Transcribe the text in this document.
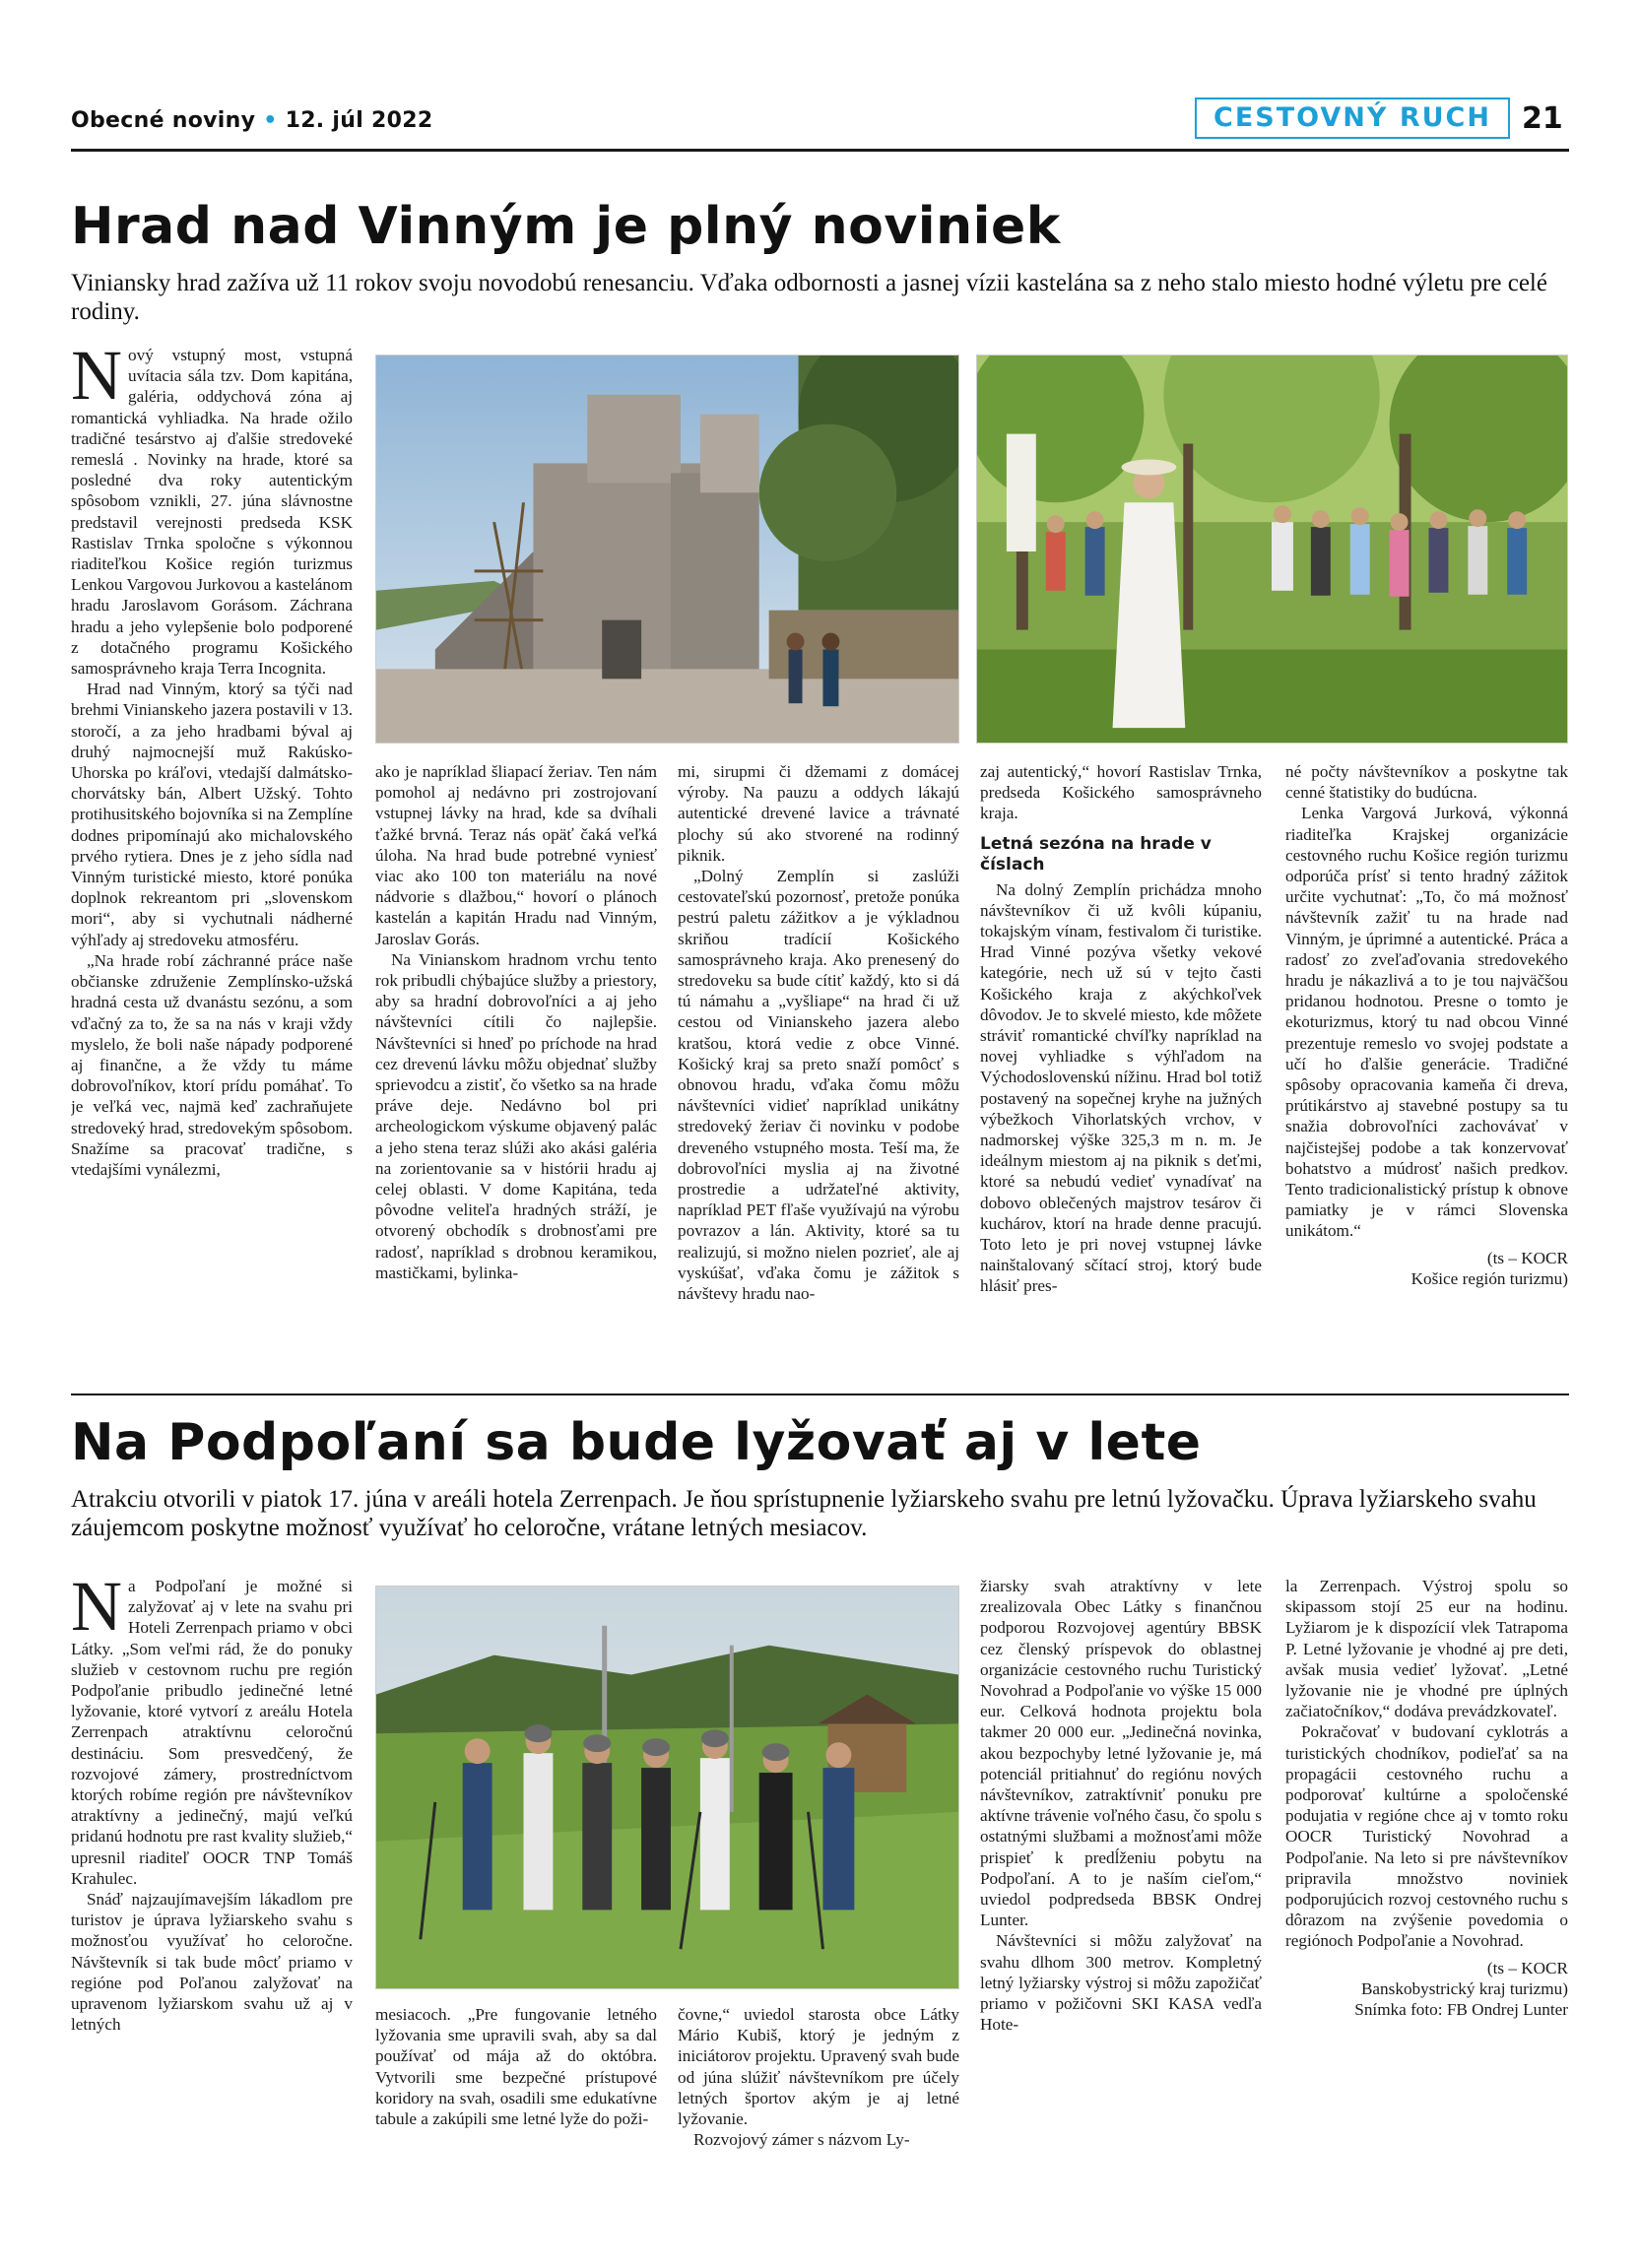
Obecné noviny • 12. júl 2022	CESTOVNÝ RUCH	21
Hrad nad Vinným je plný noviniek
Viniansky hrad zažíva už 11 rokov svoju novodobú renesanciu. Vďaka odbornosti a jasnej vízii kastelána sa z neho stalo miesto hodné výletu pre celé rodiny.

Nový vstupný most, vstupná uvítacia sála tzv. Dom kapitána, galéria, oddychová zóna aj romantická vyhliadka. Na hrade ožilo tradičné tesárstvo aj ďalšie stredoveké remeslá . Novinky na hrade, ktoré sa posledné dva roky autentickým spôsobom vznikli, 27. júna slávnostne predstavil verejnosti predseda KSK Rastislav Trnka spoločne s výkonnou riaditeľkou Košice región turizmus Lenkou Vargovou Jurkovou a kastelánom hradu Jaroslavom Gorásom. Záchrana hradu a jeho vylepšenie bolo podporené z dotačného programu Košického samosprávneho kraja Terra Incognita.

Hrad nad Vinným, ktorý sa týči nad brehmi Vinianskeho jazera postavili v 13. storočí, a za jeho hradbami býval aj druhý najmocnejší muž Rakúsko-Uhorska po kráľovi, vtedajší dalmátsko-chorvátsky bán, Albert Užský. Tohto protihusitského bojovníka si na Zemplíne dodnes pripomínajú ako michalovského prvého rytiera. Dnes je z jeho sídla nad Vinným turistické miesto, ktoré ponúka doplnok rekreantom pri „slovenskom mori“, aby si vychutnali nádherné výhľady aj stredoveku atmosféru.

„Na hrade robí záchranné práce naše občianske združenie Zemplínsko-užská hradná cesta už dvanástu sezónu, a som vďačný za to, že sa na nás v kraji vždy myslelo, že boli naše nápady podporené aj finančne, a že vždy tu máme dobrovoľníkov, ktorí prídu pomáhať. To je veľká vec, najmä keď zachraňujete stredoveký hrad, stredovekým spôsobom. Snažíme sa pracovať tradične, s vtedajšími vynálezmi,

ako je napríklad šliapací žeriav. Ten nám pomohol aj nedávno pri zostrojovaní vstupnej lávky na hrad, kde sa dvíhali ťažké brvná. Teraz nás opäť čaká veľká úloha. Na hrad bude potrebné vyniesť viac ako 100 ton materiálu na nové nádvorie s dlažbou,“ hovorí o plánoch kastelán a kapitán Hradu nad Vinným, Jaroslav Gorás.

Na Vinianskom hradnom vrchu tento rok pribudli chýbajúce služby a priestory, aby sa hradní dobrovoľníci a aj jeho návštevníci cítili čo najlepšie. Návštevníci si hneď po príchode na hrad cez drevenú lávku môžu objednať služby sprievodcu a zistiť, čo všetko sa na hrade práve deje. Nedávno bol pri archeologickom výskume objavený palác a jeho stena teraz slúži ako akási galéria na zorientovanie sa v histórii hradu aj celej oblasti. V dome Kapitána, teda pôvodne veliteľa hradných stráží, je otvorený obchodík s drobnosťami pre radosť, napríklad s drobnou keramikou, mastičkami, bylinka-

mi, sirupmi či džemami z domácej výroby. Na pauzu a oddych lákajú autentické drevené lavice a trávnaté plochy sú ako stvorené na rodinný piknik.

„Dolný Zemplín si zaslúži cestovateľskú pozornosť, pretože ponúka pestrú paletu zážitkov a je výkladnou skriňou tradícií Košického samosprávneho kraja. Ako prenesený do stredoveku sa bude cítiť každý, kto si dá tú námahu a „vyšliape“ na hrad či už cestou od Vinianskeho jazera alebo kratšou, ktorá vedie z obce Vinné. Košický kraj sa preto snaží pomôcť s obnovou hradu, vďaka čomu môžu návštevníci vidieť napríklad unikátny stredoveký žeriav či novinku v podobe dreveného vstupného mosta. Teší ma, že dobrovoľníci myslia aj na životné prostredie a udržateľné aktivity, napríklad PET fľaše využívajú na výrobu povrazov a lán. Aktivity, ktoré sa tu realizujú, si možno nielen pozrieť, ale aj vyskúšať, vďaka čomu je zážitok s návštevy hradu nao-

zaj autentický,“ hovorí Rastislav Trnka, predseda Košického samosprávneho kraja.

Letná sezóna na hrade v číslach

Na dolný Zemplín prichádza mnoho návštevníkov či už kvôli kúpaniu, tokajským vínam, festivalom či turistike. Hrad Vinné pozýva všetky vekové kategórie, nech už sú v tejto časti Košického kraja z akýchkoľvek dôvodov. Je to skvelé miesto, kde môžete stráviť romantické chvíľky napríklad na novej vyhliadke s výhľadom na Východoslovenskú nížinu. Hrad bol totiž postavený na sopečnej kryhe na južných výbežkoch Vihorlatských vrchov, v nadmorskej výške 325,3 m n. m. Je ideálnym miestom aj na piknik s deťmi, ktoré sa nebudú vedieť vynadívať na dobovo oblečených majstrov tesárov či kuchárov, ktorí na hrade denne pracujú. Toto leto je pri novej vstupnej lávke nainštalovaný sčítací stroj, ktorý bude hlásiť pres-

né počty návštevníkov a poskytne tak cenné štatistiky do budúcna.

Lenka Vargová Jurková, výkonná riaditeľka Krajskej organizácie cestovného ruchu Košice región turizmu odporúča prísť si tento hradný zážitok určite vychutnať: „To, čo má možnosť návštevník zažiť tu na hrade nad Vinným, je úprimné a autentické. Práca a radosť zo zveľaďovania stredovekého hradu je nákazlivá a to je tou najväčšou pridanou hodnotou. Presne o tomto je ekoturizmus, ktorý tu nad obcou Vinné prezentuje remeslo vo svojej podstate a učí ho ďalšie generácie. Tradičné spôsoby opracovania kameňa či dreva, prútikárstvo aj stavebné postupy sa tu snažia dobrovoľníci zachovávať v najčistejšej podobe a tak konzervovať bohatstvo a múdrosť našich predkov. Tento tradicionalistický prístup k obnove pamiatky je v rámci Slovenska unikátom.“

(ts – KOCR

Košice región turizmu)

Na Podpoľaní sa bude lyžovať aj v lete
Atrakciu otvorili v piatok 17. júna v areáli hotela Zerrenpach. Je ňou sprístupnenie lyžiarskeho svahu pre letnú lyžovačku. Úprava lyžiarskeho svahu záujemcom poskytne možnosť využívať ho celoročne, vrátane letných mesiacov.

Na Podpoľaní je možné si zalyžovať aj v lete na svahu pri Hoteli Zerrenpach priamo v obci Látky. „Som veľmi rád, že do ponuky služieb v cestovnom ruchu pre región Podpoľanie pribudlo jedinečné letné lyžovanie, ktoré vytvorí z areálu Hotela Zerrenpach atraktívnu celoročnú destináciu. Som presvedčený, že rozvojové zámery, prostredníctvom ktorých robíme región pre návštevníkov atraktívny a jedinečný, majú veľkú pridanú hodnotu pre rast kvality služieb,“ upresnil riaditeľ OOCR TNP Tomáš Krahulec.

Snáď najzaujímavejším lákadlom pre turistov je úprava lyžiarskeho svahu s možnosťou využívať ho celoročne. Návštevník si tak bude môcť priamo v regióne pod Poľanou zalyžovať na upravenom lyžiarskom svahu už aj v letných

mesiacoch. „Pre fungovanie letného lyžovania sme upravili svah, aby sa dal používať od mája až do októbra. Vytvorili sme bezpečné prístupové koridory na svah, osadili sme edukatívne tabule a zakúpili sme letné lyže do poži-

čovne,“ uviedol starosta obce Látky Mário Kubiš, ktorý je jedným z iniciátorov projektu. Upravený svah bude od júna slúžiť návštevníkom pre účely letných športov akým je aj letné lyžovanie.

Rozvojový zámer s názvom Ly-

žiarsky svah atraktívny v lete zrealizovala Obec Látky s finančnou podporou Rozvojovej agentúry BBSK cez členský príspevok do oblastnej organizácie cestovného ruchu Turistický Novohrad a Podpoľanie vo výške 15 000 eur. Celková hodnota projektu bola takmer 20 000 eur. „Jedinečná novinka, akou bezpochyby letné lyžovanie je, má potenciál pritiahnuť do regiónu nových návštevníkov, zatraktívniť ponuku pre aktívne trávenie voľného času, čo spolu s ostatnými službami a možnosťami môže prispieť k predĺženiu pobytu na Podpoľaní. A to je naším cieľom,“ uviedol podpredseda BBSK Ondrej Lunter.

Návštevníci si môžu zalyžovať na svahu dlhom 300 metrov. Kompletný letný lyžiarsky výstroj si môžu zapožičať priamo v požičovni SKI KASA vedľa Hote-

la Zerrenpach. Výstroj spolu so skipassom stojí 25 eur na hodinu. Lyžiarom je k dispozícií vlek Tatrapoma P. Letné lyžovanie je vhodné aj pre deti, avšak musia vedieť lyžovať. „Letné lyžovanie nie je vhodné pre úplných začiatočníkov,“ dodáva prevádzkovateľ.

Pokračovať v budovaní cyklotrás a turistických chodníkov, podieľať sa na propagácii cestovného ruchu a podporovať kultúrne a spoločenské podujatia v regióne chce aj v tomto roku OOCR Turistický Novohrad a Podpoľanie. Na leto si pre návštevníkov pripravila množstvo noviniek podporujúcich rozvoj cestovného ruchu s dôrazom na zvýšenie povedomia o regiónoch Podpoľanie a Novohrad.

(ts – KOCR

Banskobystrický kraj turizmu)

Snímka foto: FB Ondrej Lunter
